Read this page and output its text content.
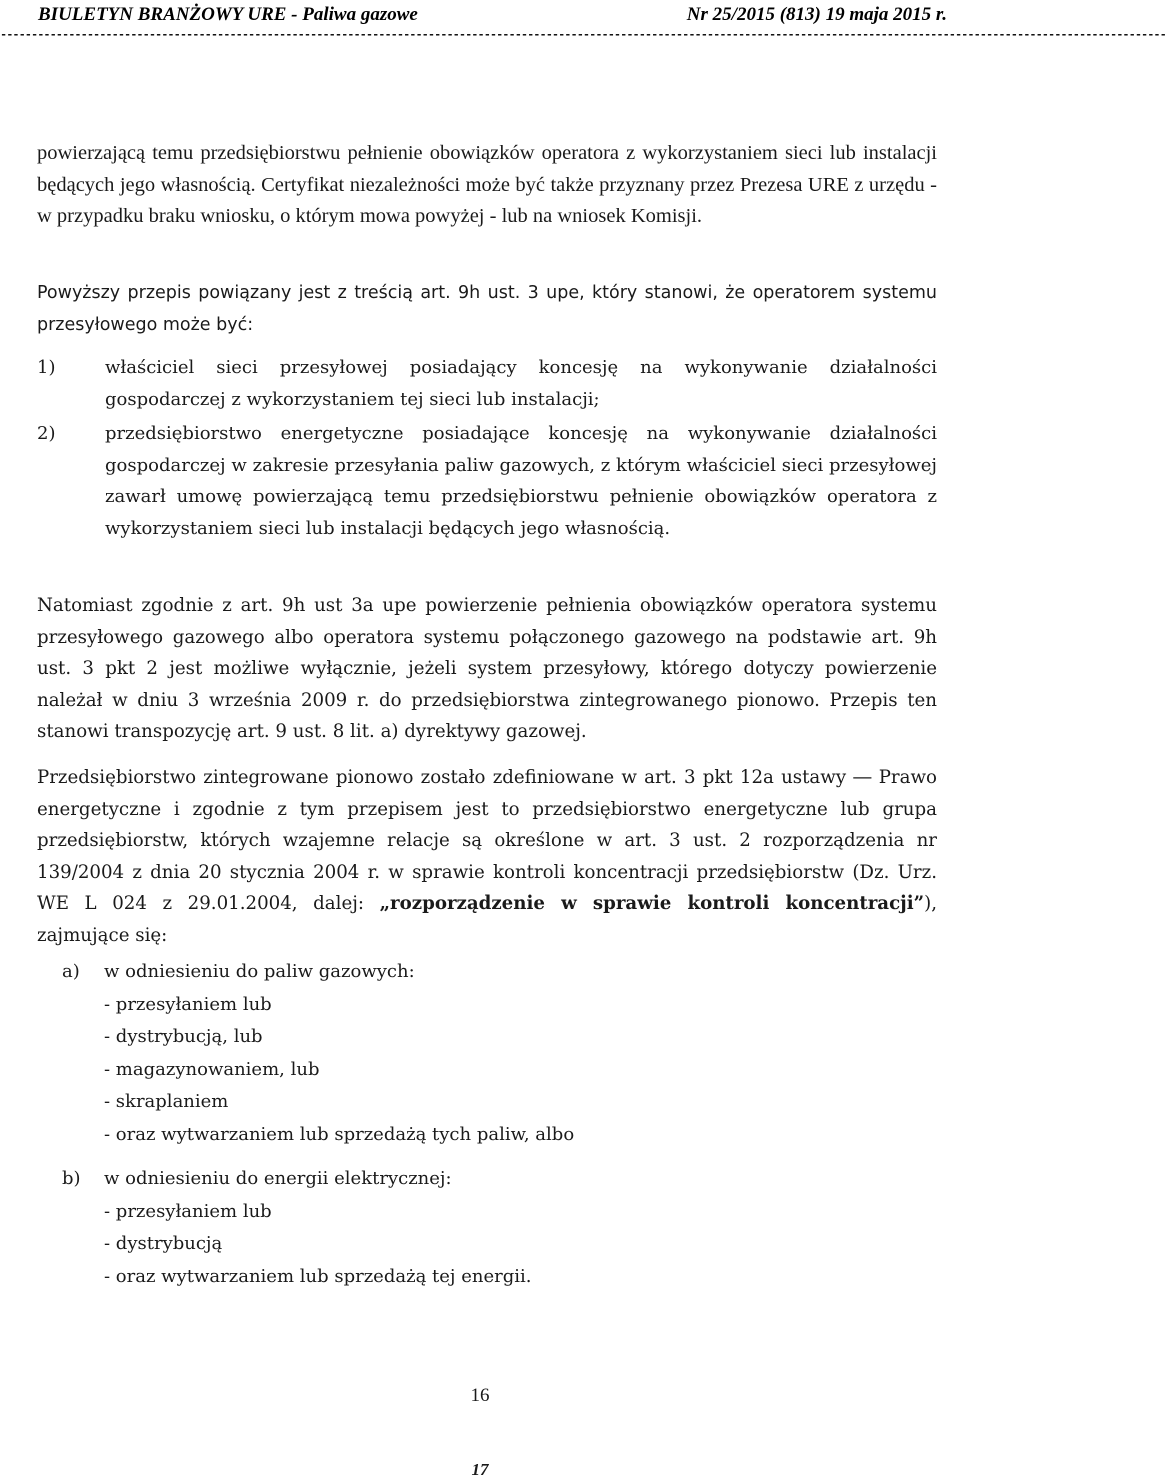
BIULETYN BRANŻOWY URE - Paliwa gazowe	Nr 25/2015 (813) 19 maja 2015 r.
--------------------------------------------------------------------------------------------------------------------------------------------------------------------------------------------
powierzającą temu przedsiębiorstwu pełnienie obowiązków operatora z wykorzystaniem sieci lub instalacji będących jego własnością. Certyfikat niezależności może być także przyznany przez Prezesa URE z urzędu - w przypadku braku wniosku, o którym mowa powyżej - lub na wniosek Komisji.
Powyższy przepis powiązany jest z treścią art. 9h ust. 3 upe, który stanowi, że operatorem systemu przesyłowego może być:
1)	właściciel sieci przesyłowej posiadający koncesję na wykonywanie działalności gospodarczej z wykorzystaniem tej sieci lub instalacji;
2)	przedsiębiorstwo energetyczne posiadające koncesję na wykonywanie działalności gospodarczej w zakresie przesyłania paliw gazowych, z którym właściciel sieci przesyłowej zawarł umowę powierzającą temu przedsiębiorstwu pełnienie obowiązków operatora z wykorzystaniem sieci lub instalacji będących jego własnością.
Natomiast zgodnie z art. 9h ust 3a upe powierzenie pełnienia obowiązków operatora systemu przesyłowego gazowego albo operatora systemu połączonego gazowego na podstawie art. 9h ust. 3 pkt 2 jest możliwe wyłącznie, jeżeli system przesyłowy, którego dotyczy powierzenie należał w dniu 3 września 2009 r. do przedsiębiorstwa zintegrowanego pionowo. Przepis ten stanowi transpozycję art. 9 ust. 8 lit. a) dyrektywy gazowej.
Przedsiębiorstwo zintegrowane pionowo zostało zdefiniowane w art. 3 pkt 12a ustawy ― Prawo energetyczne i zgodnie z tym przepisem jest to przedsiębiorstwo energetyczne lub grupa przedsiębiorstw, których wzajemne relacje są określone w art. 3 ust. 2 rozporządzenia nr 139/2004 z dnia 20 stycznia 2004 r. w sprawie kontroli koncentracji przedsiębiorstw (Dz. Urz. WE L 024 z 29.01.2004, dalej: „rozporządzenie w sprawie kontroli koncentracji”), zajmujące się:
a)	w odniesieniu do paliw gazowych:
- przesyłaniem lub
- dystrybucją, lub
- magazynowaniem, lub
- skraplaniem
- oraz wytwarzaniem lub sprzedażą tych paliw, albo
b)	w odniesieniu do energii elektrycznej:
- przesyłaniem lub
- dystrybucją
- oraz wytwarzaniem lub sprzedażą tej energii.
16
17
